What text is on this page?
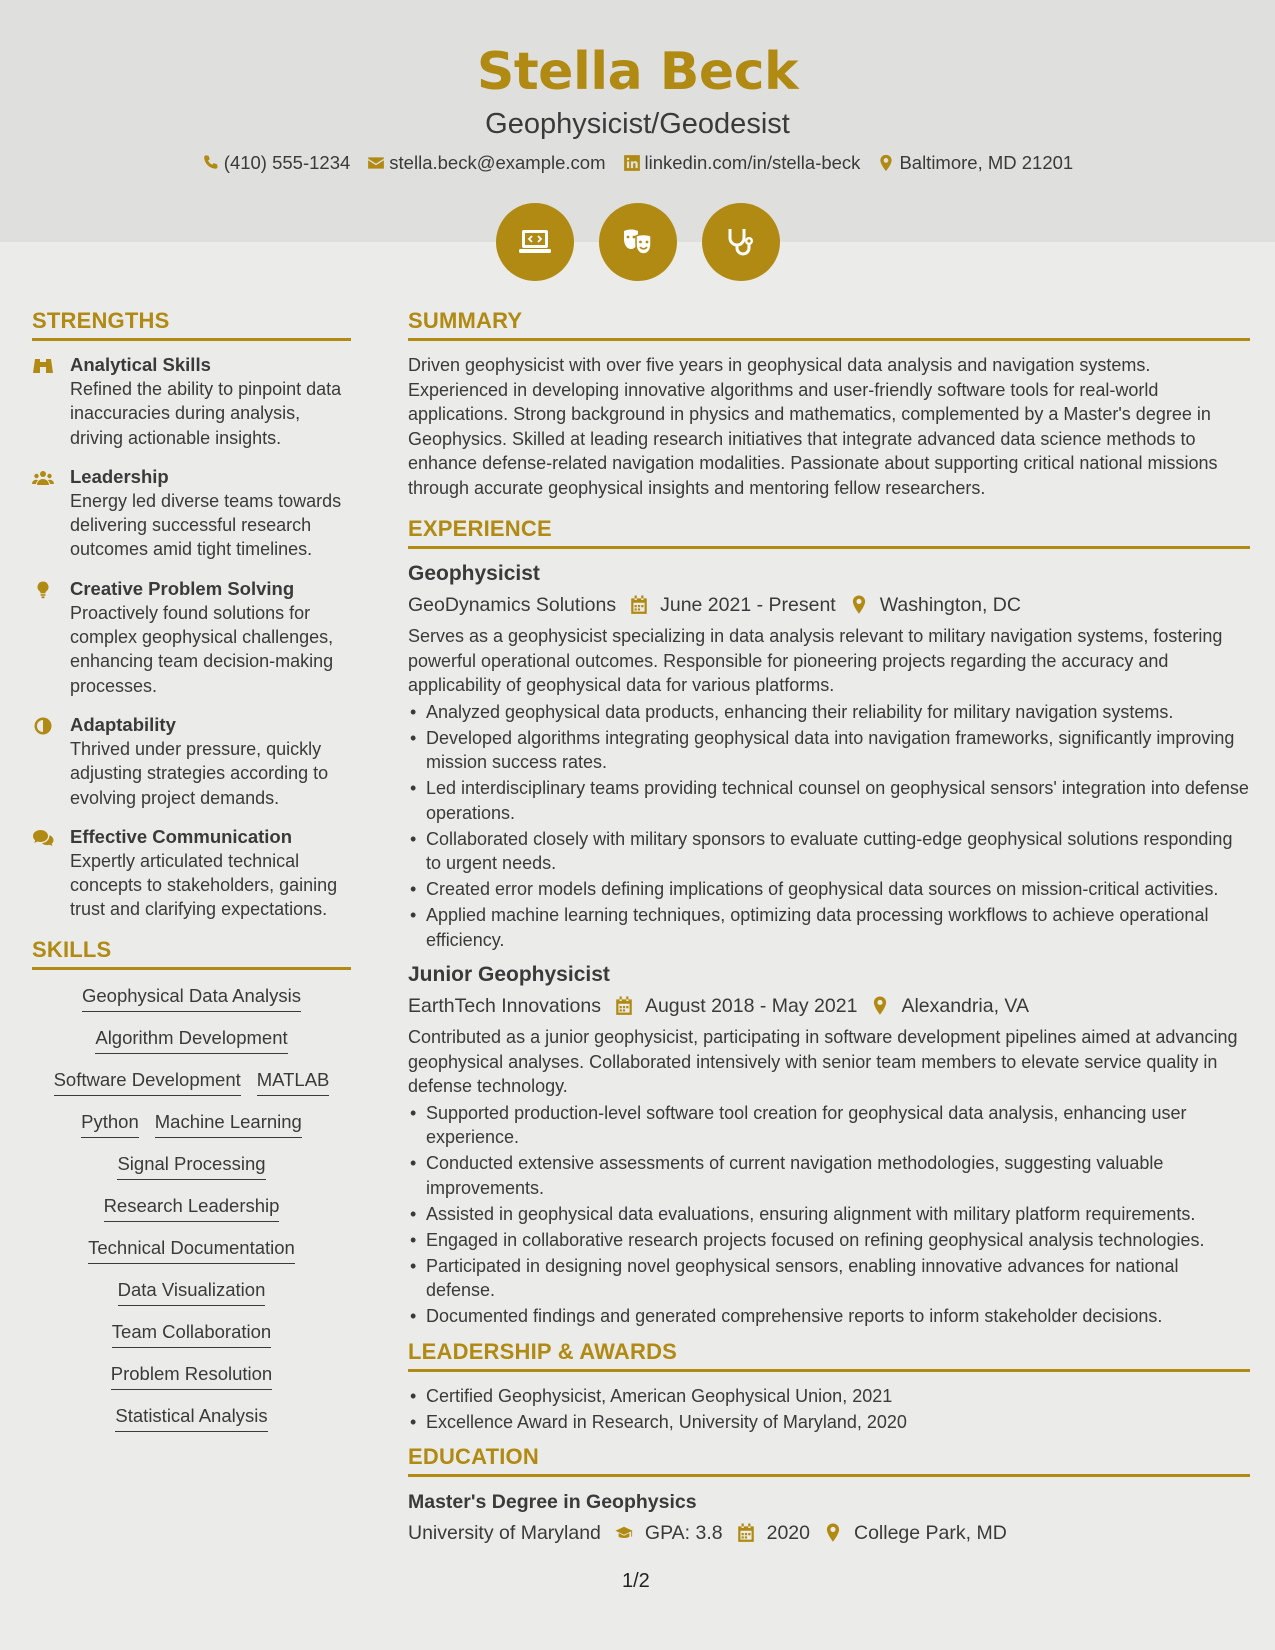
Stella Beck
Geophysicist/Geodesist
(410) 555-1234 stella.beck@example.com linkedin.com/in/stella-beck Baltimore, MD 21201
STRENGTHS
Analytical Skills
Refined the ability to pinpoint data inaccuracies during analysis, driving actionable insights.
Leadership
Energy led diverse teams towards delivering successful research outcomes amid tight timelines.
Creative Problem Solving
Proactively found solutions for complex geophysical challenges, enhancing team decision-making processes.
Adaptability
Thrived under pressure, quickly adjusting strategies according to evolving project demands.
Effective Communication
Expertly articulated technical concepts to stakeholders, gaining trust and clarifying expectations.
SKILLS
Geophysical Data Analysis
Algorithm Development
Software Development MATLAB
Python Machine Learning
Signal Processing
Research Leadership
Technical Documentation
Data Visualization
Team Collaboration
Problem Resolution
Statistical Analysis
SUMMARY
Driven geophysicist with over five years in geophysical data analysis and navigation systems. Experienced in developing innovative algorithms and user-friendly software tools for real-world applications. Strong background in physics and mathematics, complemented by a Master's degree in Geophysics. Skilled at leading research initiatives that integrate advanced data science methods to enhance defense-related navigation modalities. Passionate about supporting critical national missions through accurate geophysical insights and mentoring fellow researchers.
EXPERIENCE
Geophysicist
GeoDynamics Solutions June 2021 - Present Washington, DC
Serves as a geophysicist specializing in data analysis relevant to military navigation systems, fostering powerful operational outcomes. Responsible for pioneering projects regarding the accuracy and applicability of geophysical data for various platforms.
• Analyzed geophysical data products, enhancing their reliability for military navigation systems.
• Developed algorithms integrating geophysical data into navigation frameworks, significantly improving mission success rates.
• Led interdisciplinary teams providing technical counsel on geophysical sensors' integration into defense operations.
• Collaborated closely with military sponsors to evaluate cutting-edge geophysical solutions responding to urgent needs.
• Created error models defining implications of geophysical data sources on mission-critical activities.
• Applied machine learning techniques, optimizing data processing workflows to achieve operational efficiency.
Junior Geophysicist
EarthTech Innovations August 2018 - May 2021 Alexandria, VA
Contributed as a junior geophysicist, participating in software development pipelines aimed at advancing geophysical analyses. Collaborated intensively with senior team members to elevate service quality in defense technology.
• Supported production-level software tool creation for geophysical data analysis, enhancing user experience.
• Conducted extensive assessments of current navigation methodologies, suggesting valuable improvements.
• Assisted in geophysical data evaluations, ensuring alignment with military platform requirements.
• Engaged in collaborative research projects focused on refining geophysical analysis technologies.
• Participated in designing novel geophysical sensors, enabling innovative advances for national defense.
• Documented findings and generated comprehensive reports to inform stakeholder decisions.
LEADERSHIP & AWARDS
• Certified Geophysicist, American Geophysical Union, 2021
• Excellence Award in Research, University of Maryland, 2020
EDUCATION
Master's Degree in Geophysics
University of Maryland GPA: 3.8 2020 College Park, MD
1/2
